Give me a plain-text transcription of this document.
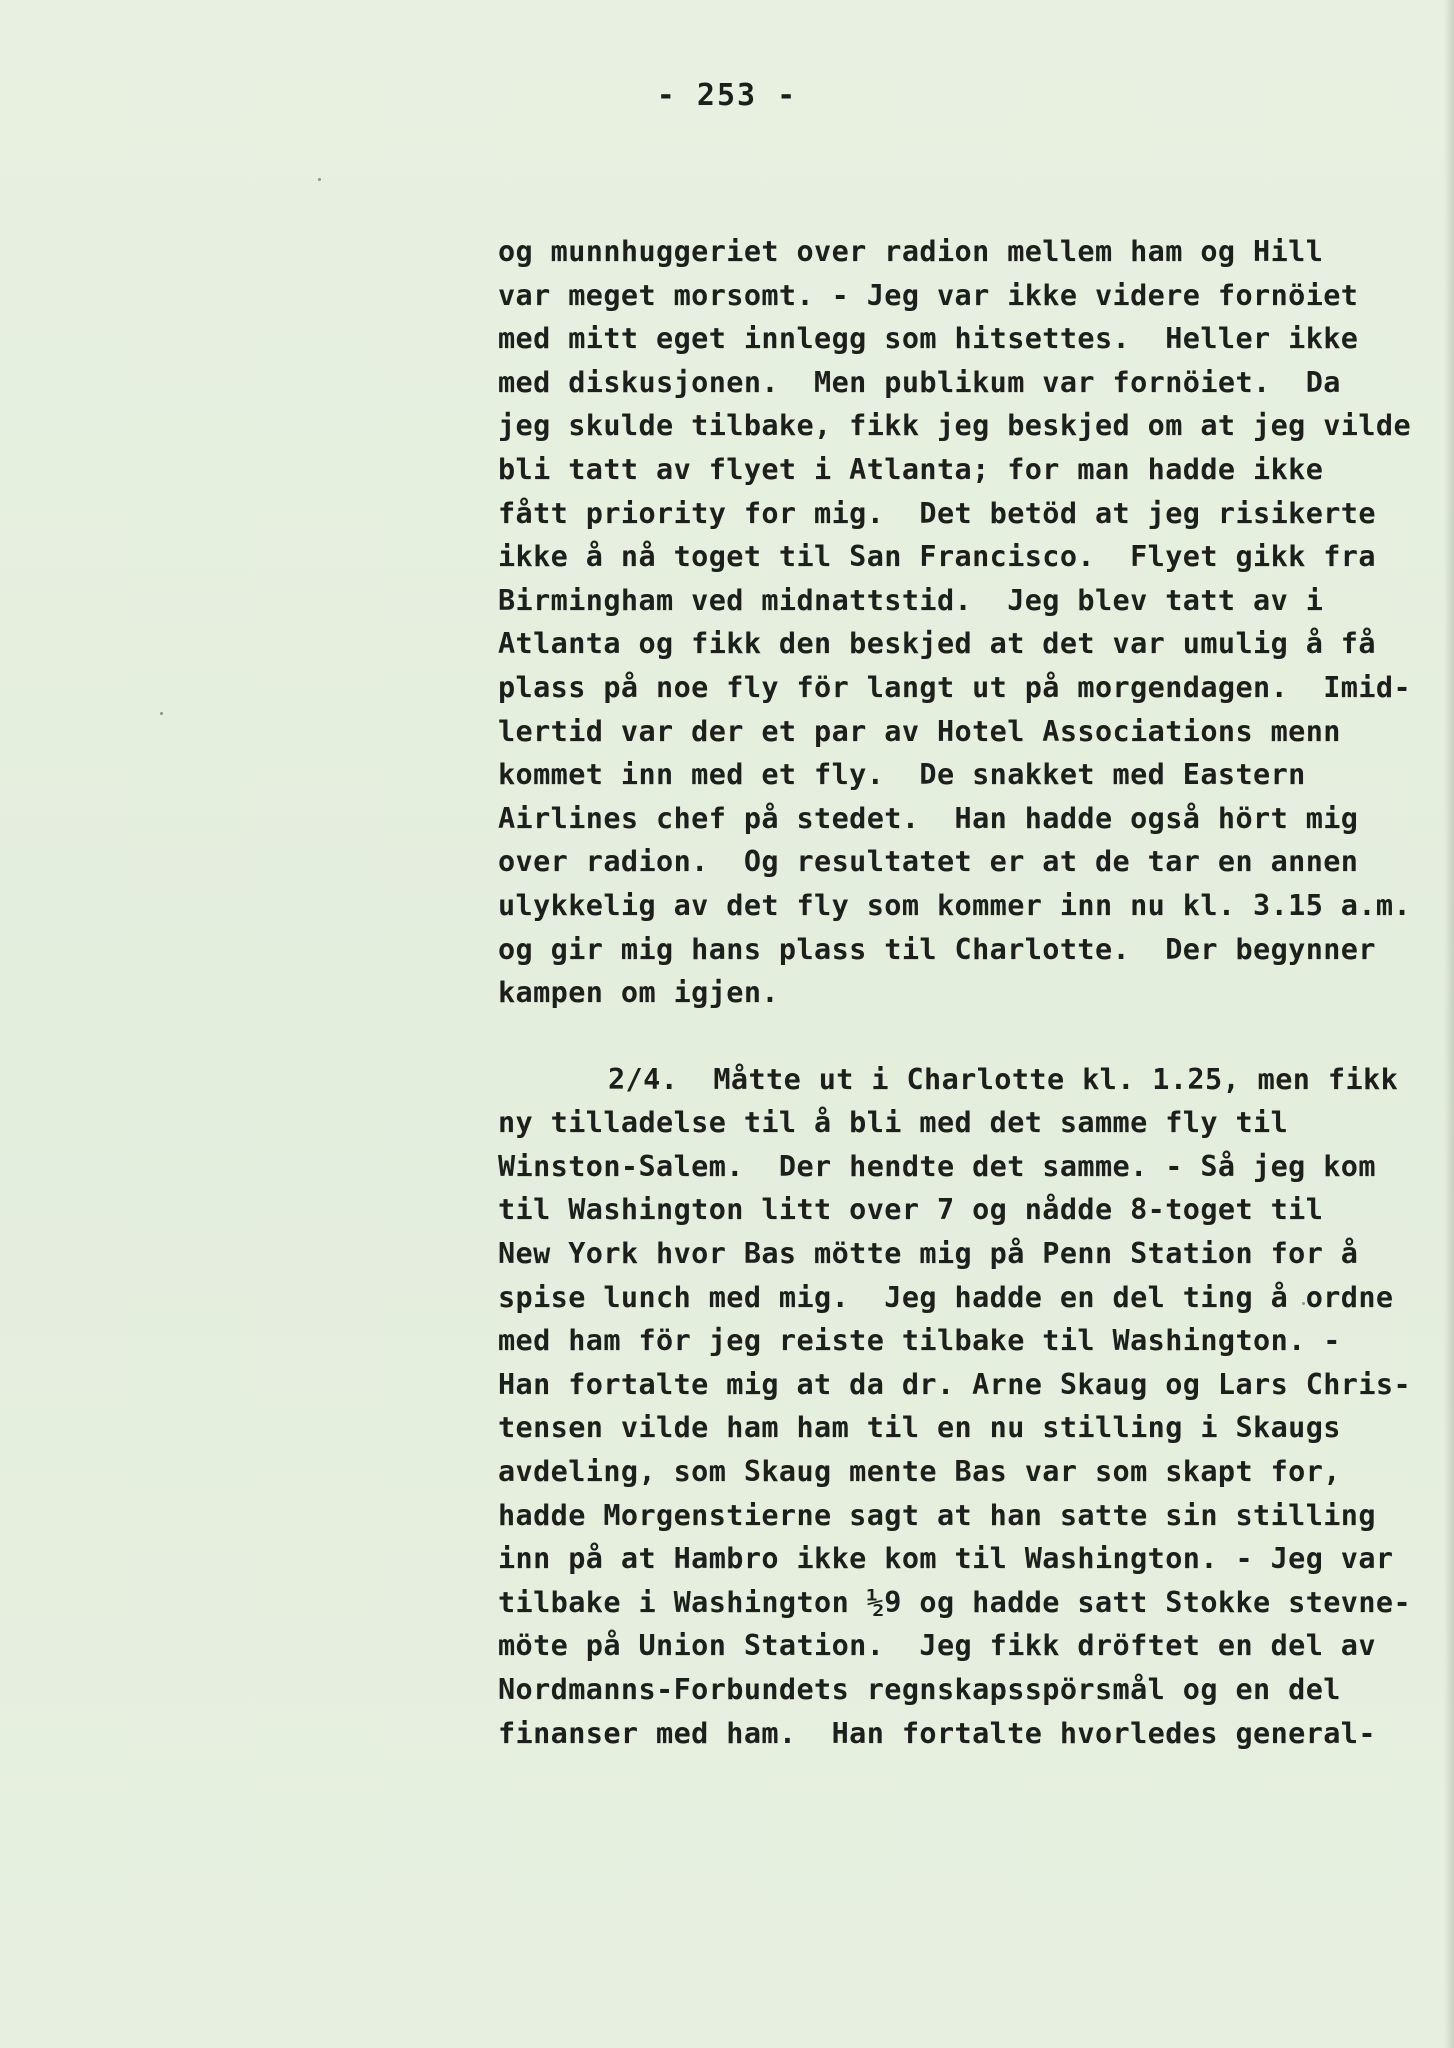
- 253 -
og munnhuggeriet over radion mellem ham og Hill
var meget morsomt. - Jeg var ikke videre fornöiet
med mitt eget innlegg som hitsettes.  Heller ikke
med diskusjonen.  Men publikum var fornöiet.  Da
jeg skulde tilbake, fikk jeg beskjed om at jeg vilde
bli tatt av flyet i Atlanta; for man hadde ikke
fått priority for mig.  Det betöd at jeg risikerte
ikke å nå toget til San Francisco.  Flyet gikk fra
Birmingham ved midnattstid.  Jeg blev tatt av i
Atlanta og fikk den beskjed at det var umulig å få
plass på noe fly för langt ut på morgendagen.  Imid-
lertid var der et par av Hotel Associations menn
kommet inn med et fly.  De snakket med Eastern
Airlines chef på stedet.  Han hadde også hört mig
over radion.  Og resultatet er at de tar en annen
ulykkelig av det fly som kommer inn nu kl. 3.15 a.m.
og gir mig hans plass til Charlotte.  Der begynner
kampen om igjen.
2/4.  Måtte ut i Charlotte kl. 1.25, men fikk
ny tilladelse til å bli med det samme fly til
Winston-Salem.  Der hendte det samme. - Så jeg kom
til Washington litt over 7 og nådde 8-toget til
New York hvor Bas mötte mig på Penn Station for å
spise lunch med mig.  Jeg hadde en del ting å ordne
med ham för jeg reiste tilbake til Washington. -
Han fortalte mig at da dr. Arne Skaug og Lars Chris-
tensen vilde ham ham til en nu stilling i Skaugs
avdeling, som Skaug mente Bas var som skapt for,
hadde Morgenstierne sagt at han satte sin stilling
inn på at Hambro ikke kom til Washington. - Jeg var
tilbake i Washington ½9 og hadde satt Stokke stevne-
möte på Union Station.  Jeg fikk dröftet en del av
Nordmanns-Forbundets regnskapsspörsmål og en del
finanser med ham.  Han fortalte hvorledes general-
